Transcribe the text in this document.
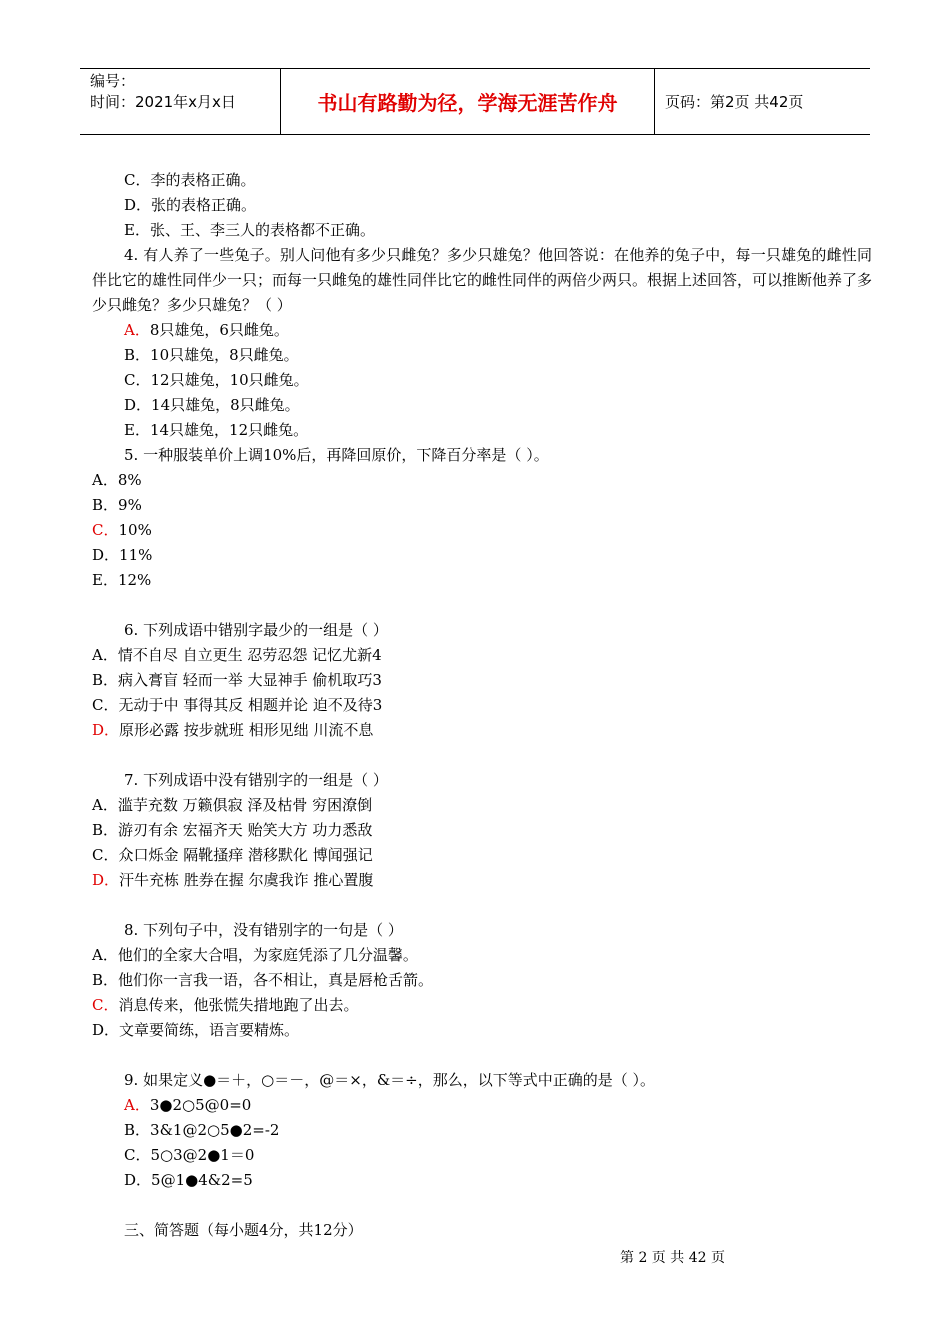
编号：
时间：2021年x月x日	书山有路勤为径，学海无涯苦作舟	页码：第2页 共42页
C．李的表格正确。
D．张的表格正确。
E．张、王、李三人的表格都不正确。
4. 有人养了一些兔子。别人问他有多少只雌兔？多少只雄兔？他回答说：在他养的兔子中，每一只雄兔的雌性同伴比它的雄性同伴少一只；而每一只雌兔的雄性同伴比它的雌性同伴的两倍少两只。根据上述回答，可以推断他养了多少只雌兔？多少只雄兔？（ ）
A．8只雄兔，6只雌兔。
B．10只雄兔，8只雌兔。
C．12只雄兔，10只雌兔。
D．14只雄兔，8只雌兔。
E．14只雄兔，12只雌兔。
5. 一种服装单价上调10%后，再降回原价，下降百分率是（ ）。
A．8%
B．9%
C．10%
D．11%
E．12%
6. 下列成语中错别字最少的一组是（ ）
A．情不自尽 自立更生 忍劳忍怨 记忆尤新4
B．病入膏盲 轻而一举 大显神手 偷机取巧3
C．无动于中 事得其反 相题并论 迫不及待3
D．原形必露 按步就班 相形见绌 川流不息
7. 下列成语中没有错别字的一组是（ ）
A．滥芋充数 万籁俱寂 泽及枯骨 穷困潦倒
B．游刃有余 宏福齐天 贻笑大方 功力悉敌
C．众口烁金 隔靴搔痒 潜移默化 博闻强记
D．汗牛充栋 胜券在握 尔虞我诈 推心置腹
8. 下列句子中，没有错别字的一句是（ ）
A．他们的全家大合唱，为家庭凭添了几分温馨。
B．他们你一言我一语，各不相让，真是唇枪舌箭。
C．消息传来，他张慌失措地跑了出去。
D．文章要简练，语言要精炼。
9. 如果定义●＝＋，○＝－，@＝×，&＝÷，那么，以下等式中正确的是（ ）。
A．3●2○5@0=0
B．3&1@2○5●2=-2
C．5○3@2●1＝0
D．5@1●4&2=5
三、简答题（每小题4分，共12分）
第 2 页 共 42 页
